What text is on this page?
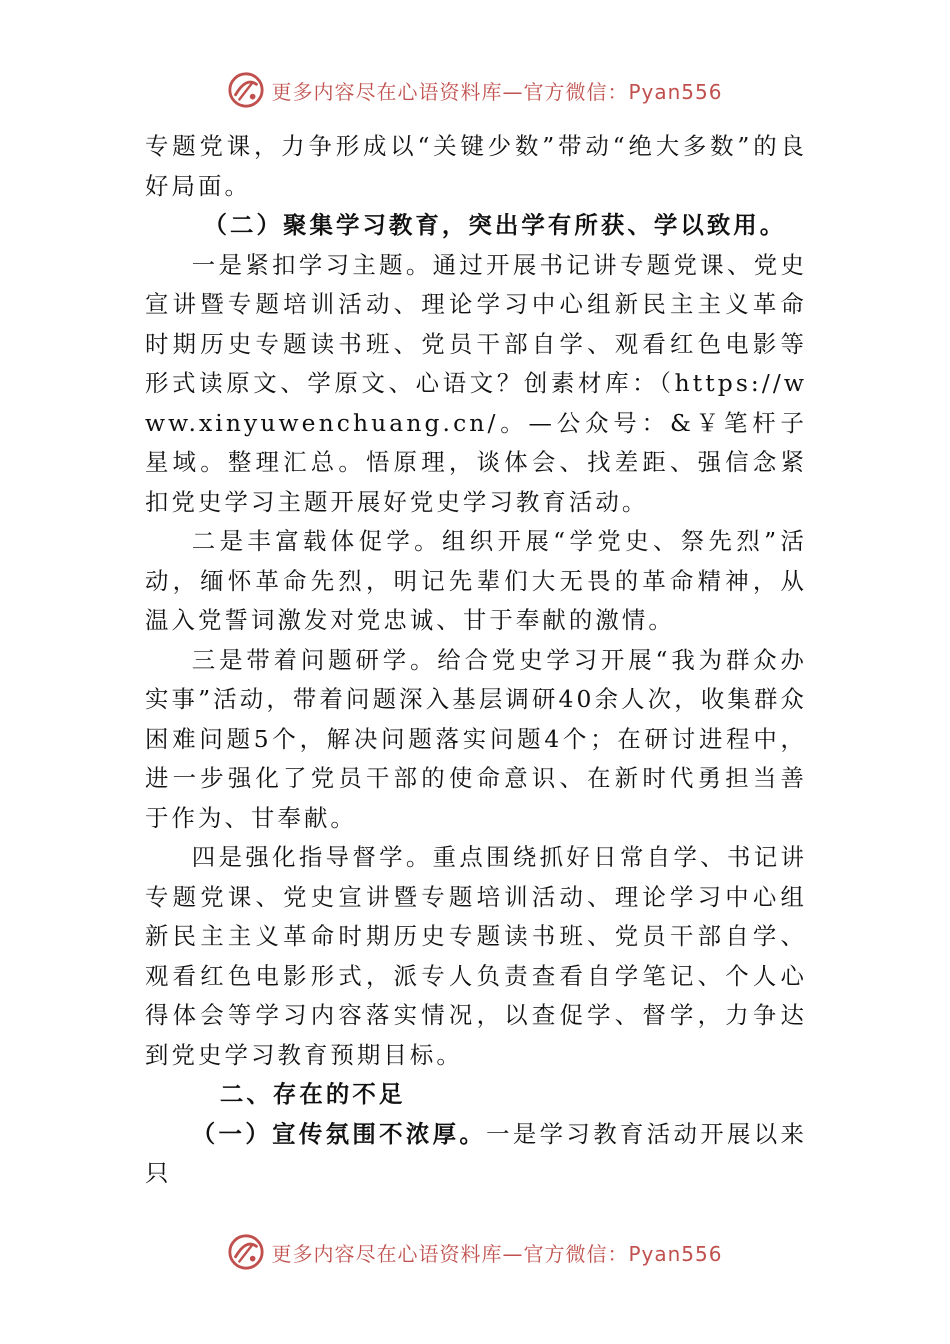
更多内容尽在心语资料库—官方微信：Pyan556

专题党课，力争形成以“关键少数”带动“绝大多数”的良好局面。

（二）聚集学习教育，突出学有所获、学以致用。

一是紧扣学习主题。通过开展书记讲专题党课、党史宣讲暨专题培训活动、理论学习中心组新民主主义革命时期历史专题读书班、党员干部自学、观看红色电影等形式读原文、学原文、心语文？创素材库：（https://www.xinyuwenchuang.cn/。—公众号：&￥笔杆子星域。整理汇总。悟原理，谈体会、找差距、强信念紧扣党史学习主题开展好党史学习教育活动。

二是丰富载体促学。组织开展“学党史、祭先烈”活动，缅怀革命先烈，明记先辈们大无畏的革命精神，从温入党誓词激发对党忠诚、甘于奉献的激情。

三是带着问题研学。给合党史学习开展“我为群众办实事”活动，带着问题深入基层调研40余人次，收集群众困难问题5个，解决问题落实问题4个；在研讨进程中，进一步强化了党员干部的使命意识、在新时代勇担当善于作为、甘奉献。

四是强化指导督学。重点围绕抓好日常自学、书记讲专题党课、党史宣讲暨专题培训活动、理论学习中心组新民主主义革命时期历史专题读书班、党员干部自学、观看红色电影形式，派专人负责查看自学笔记、个人心得体会等学习内容落实情况，以查促学、督学，力争达到党史学习教育预期目标。

二、存在的不足

（一）宣传氛围不浓厚。一是学习教育活动开展以来只

更多内容尽在心语资料库—官方微信：Pyan556
